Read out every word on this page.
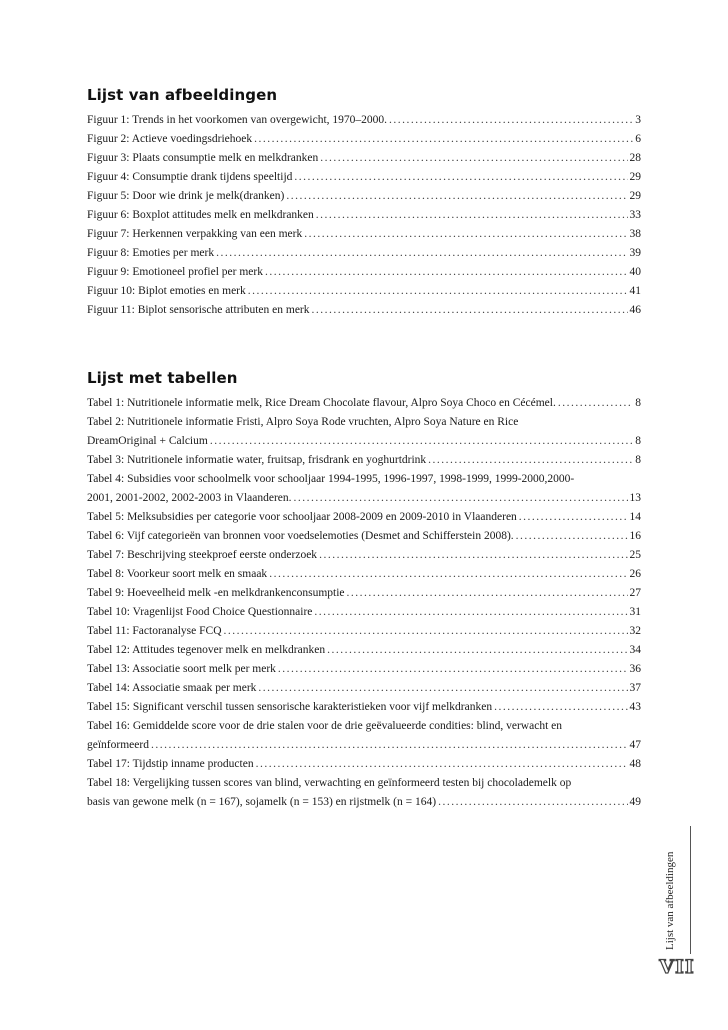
Lijst van afbeeldingen
Figuur 1: Trends in het voorkomen van overgewicht, 1970–2000. .....	3
Figuur 2: Actieve voedingsdriehoek .....	6
Figuur 3: Plaats consumptie melk en melkdranken .....	28
Figuur 4: Consumptie drank tijdens speeltijd .....	29
Figuur 5: Door wie drink je melk(dranken) .....	29
Figuur 6: Boxplot attitudes melk en melkdranken .....	33
Figuur 7: Herkennen verpakking van een merk .....	38
Figuur 8: Emoties per merk .....	39
Figuur 9: Emotioneel profiel per merk .....	40
Figuur 10: Biplot emoties en merk .....	41
Figuur 11: Biplot sensorische attributen en merk .....	46
Lijst met tabellen
Tabel 1: Nutritionele informatie melk, Rice Dream Chocolate flavour, Alpro Soya Choco en Cécémel. .....	8
Tabel 2: Nutritionele informatie Fristi, Alpro Soya Rode vruchten, Alpro Soya Nature en Rice
DreamOriginal + Calcium .....	8
Tabel 3: Nutritionele informatie water, fruitsap, frisdrank en yoghurtdrink .....	8
Tabel 4: Subsidies voor schoolmelk voor schooljaar 1994-1995, 1996-1997, 1998-1999, 1999-2000,2000-
2001, 2001-2002, 2002-2003 in Vlaanderen. .....	13
Tabel 5: Melksubsidies per categorie voor schooljaar 2008-2009 en 2009-2010 in Vlaanderen .....	14
Tabel 6: Vijf categorieën van bronnen voor voedselemoties (Desmet and Schifferstein 2008). .....	16
Tabel 7: Beschrijving steekproef eerste onderzoek .....	25
Tabel 8: Voorkeur soort melk en smaak .....	26
Tabel 9: Hoeveelheid melk -en melkdrankenconsumptie .....	27
Tabel 10: Vragenlijst Food Choice Questionnaire .....	31
Tabel 11: Factoranalyse FCQ .....	32
Tabel 12: Attitudes tegenover melk en melkdranken .....	34
Tabel 13: Associatie soort melk per merk .....	36
Tabel 14: Associatie smaak per merk .....	37
Tabel 15: Significant verschil tussen sensorische karakteristieken voor vijf melkdranken .....	43
Tabel 16: Gemiddelde score voor de drie stalen voor de drie geëvalueerde condities: blind, verwacht en
geïnformeerd .....	47
Tabel 17: Tijdstip inname producten .....	48
Tabel 18: Vergelijking tussen scores van blind, verwachting en geïnformeerd testen bij chocolademelk op
basis van gewone melk (n = 167), sojamelk (n = 153) en rijstmelk (n = 164) .....	49
Lijst van afbeeldingen
VII
